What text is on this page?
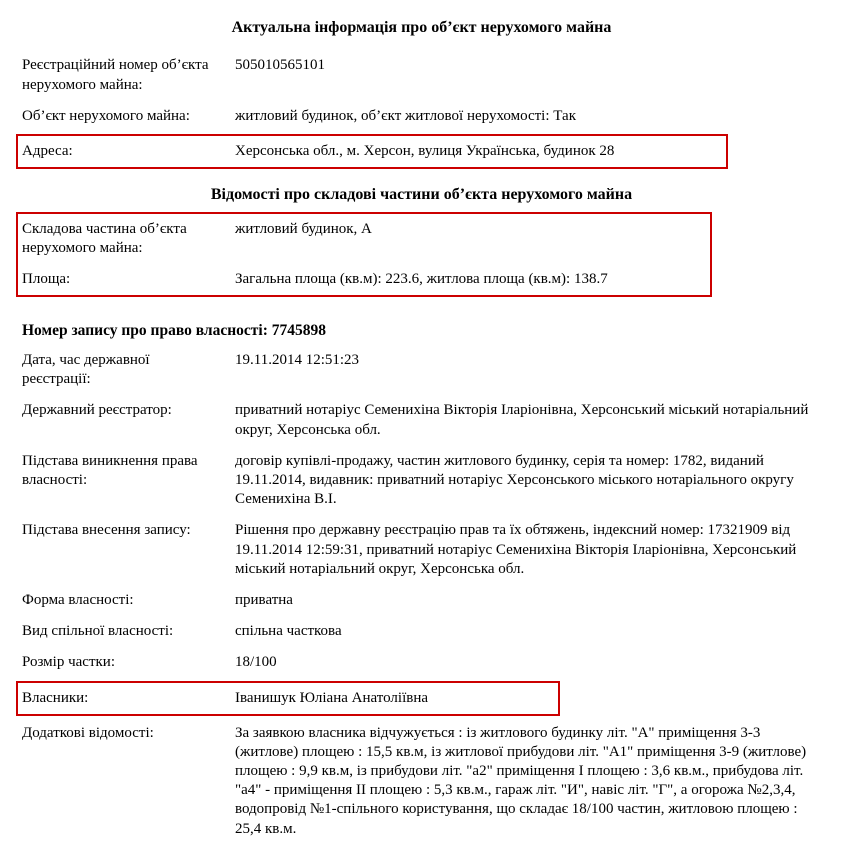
Актуальна інформація про об’єкт нерухомого майна
Реєстраційний номер об’єкта нерухомого майна:
505010565101
Об’єкт нерухомого майна:	житловий будинок, об’єкт житлової нерухомості: Так
Адреса:	Херсонська обл., м. Херсон, вулиця Українська, будинок 28
Відомості про складові частини об’єкта нерухомого майна
Складова частина об’єкта нерухомого майна:
житловий будинок, А
Площа:	Загальна площа (кв.м): 223.6, житлова площа (кв.м): 138.7
Номер запису про право власності: 7745898
Дата, час державної реєстрації:
19.11.2014 12:51:23
Державний реєстратор:	приватний нотаріус Семенихіна Вікторія Іларіонівна, Херсонський міський нотаріальний округ, Херсонська обл.
Підстава виникнення права власності:
договір купівлі-продажу, частин житлового будинку, серія та номер: 1782, виданий 19.11.2014, видавник: приватний нотаріус Херсонського міського нотаріального округу Семенихіна В.І.
Підстава внесення запису:	Рішення про державну реєстрацію прав та їх обтяжень, індексний номер: 17321909 від 19.11.2014 12:59:31, приватний нотаріус Семенихіна Вікторія Іларіонівна, Херсонський міський нотаріальний округ, Херсонська обл.
Форма власності:	приватна
Вид спільної власності:	спільна часткова
Розмір частки:	18/100
Власники:	Іванишук Юліана Анатоліївна
Додаткові відомості:	За заявкою власника відчужується : із житлового будинку літ. "А" приміщення 3-3 (житлове) площею : 15,5 кв.м, із житлової прибудови літ. "А1" приміщення 3-9 (житлове) площею : 9,9 кв.м, із прибудови літ. "а2" приміщення І площею : 3,6 кв.м., прибудова літ. "а4" - приміщення ІІ площею : 5,3 кв.м., гараж літ. "И", навіс літ. "Г", а огорожа №2,3,4, водопровід №1-спільного користування, що складає 18/100 частин, житловою площею : 25,4 кв.м.
